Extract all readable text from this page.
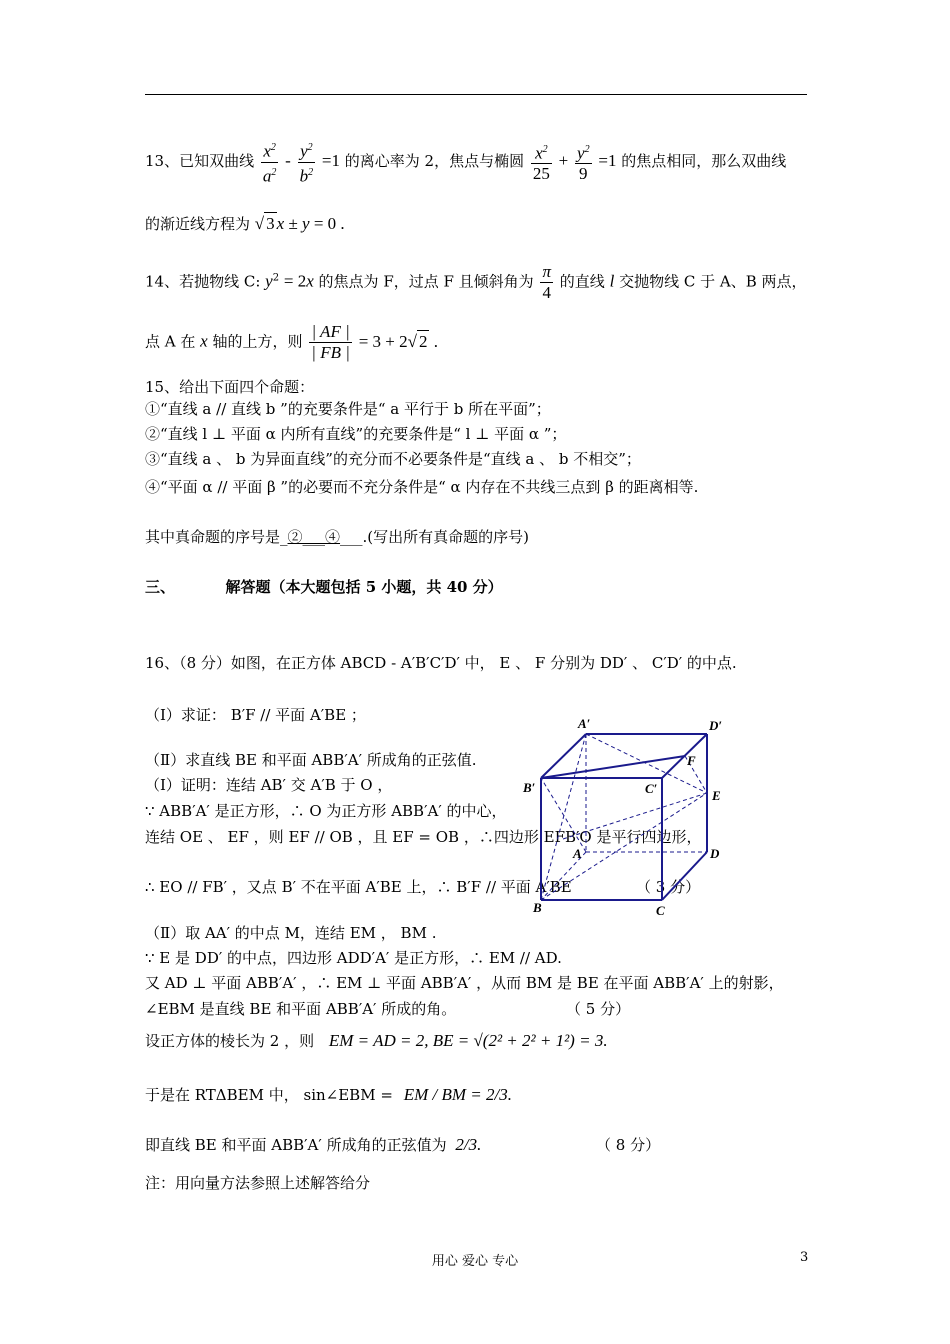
13、已知双曲线 $\frac{x^2}{a^2} - \frac{y^2}{b^2} =1$ 的离心率为 2，焦点与椭圆 $\frac{x^2}{25} + \frac{y^2}{9} =1$ 的焦点相同，那么双曲线
的渐近线方程为 √ 3 x ± y = 0 .
14、若抛物线 C: $y^2 = 2x$ 的焦点为 F，过点 F 且倾斜角为 $\frac{\pi}{4}$ 的直线 l 交抛物线 C 于 A、B 两点，
点 A 在 x 轴的上方，则 $\frac{| AF |}{| FB |} = 3 + 2√$ 2 .
15、给出下面四个命题：
①“直线 a // 直线 b ”的充要条件是“ a 平行于 b 所在平面”；
②“直线 l ⊥ 平面 α 内所有直线”的充要条件是“ l ⊥ 平面 α ”；
③“直线 a 、 b 为异面直线”的充分而不必要条件是“直线 a 、 b 不相交”；
④“平面 α // 平面 β ”的必要而不充分条件是“ α 内存在不共线三点到 β 的距离相等.
其中真命题的序号是_②___④___.(写出所有真命题的序号)
三、	解答题（本大题包括 5 小题，共 40 分）
16、（8 分）如图，在正方体 ABCD - A′B′C′D′ 中， E 、 F 分别为 DD′ 、 C′D′ 的中点.
（Ⅰ）求证： B′F // 平面 A′BE ；
（Ⅱ）求直线 BE 和平面 ABB′A′ 所成角的正弦值.
（Ⅰ）证明：连结 AB′ 交 A′B 于 O ，
∵ ABB′A′ 是正方形，∴ O 为正方形 ABB′A′ 的中心，
连结 OE 、 EF ，则 EF // OB ，且 EF = OB ，∴四边形 EFB′O 是平行四边形，
∴ EO // FB′ ，又点 B′ 不在平面 A′BE 上，∴ B′F // 平面 A′BE	（ 3 分）
（Ⅱ）取 AA′ 的中点 M，连结 EM ， BM .
∵ E 是 DD′ 的中点，四边形 ADD′A′ 是正方形，∴ EM // AD.
又 AD ⊥ 平面 ABB′A′ ，∴ EM ⊥ 平面 ABB′A′ ，从而 BM 是 BE 在平面 ABB′A′ 上的射影，
∠EBM 是直线 BE 和平面 ABB′A′ 所成的角。	（ 5 分）
设正方体的棱长为 2 ，则 EM = AD = 2, BE = √(2² + 2² + 1²) = 3.
于是在 RTΔBEM 中， sin∠EBM = EM / BM = 2/3.
即直线 BE 和平面 ABB′A′ 所成角的正弦值为 2/3.	（ 8 分）
注：用向量方法参照上述解答给分
A′	D′
B′	C′
F
E
D
A
B	C
用心 爱心 专心	3
